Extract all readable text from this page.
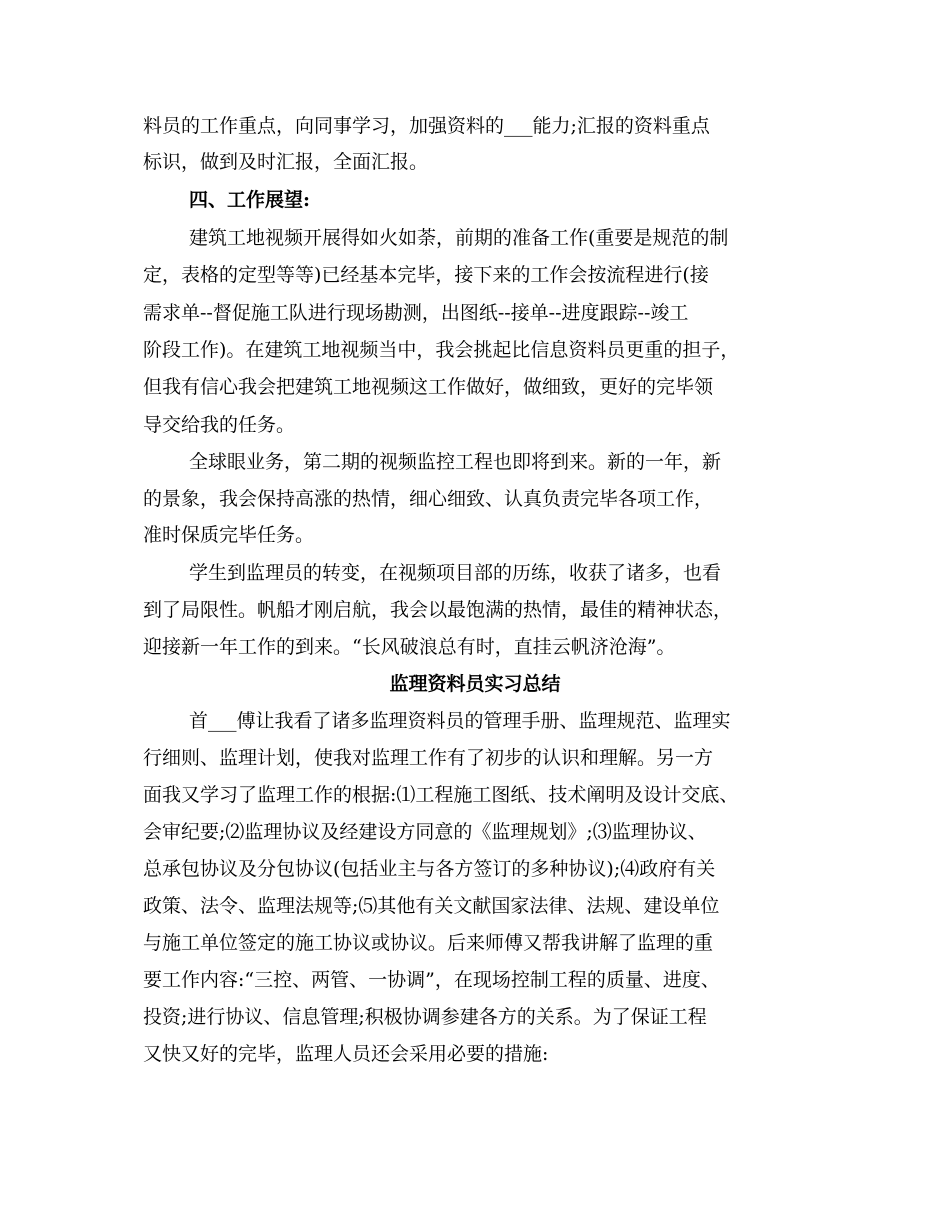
料员的工作重点，向同事学习，加强资料的___能力;汇报的资料重点
标识，做到及时汇报，全面汇报。
四、工作展望:
建筑工地视频开展得如火如荼，前期的准备工作(重要是规范的制
定，表格的定型等等)已经基本完毕，接下来的工作会按流程进行(接
需求单--督促施工队进行现场勘测，出图纸--接单--进度跟踪--竣工
阶段工作)。在建筑工地视频当中，我会挑起比信息资料员更重的担子，
但我有信心我会把建筑工地视频这工作做好，做细致，更好的完毕领
导交给我的任务。
全球眼业务，第二期的视频监控工程也即将到来。新的一年，新
的景象，我会保持高涨的热情，细心细致、认真负责完毕各项工作，
准时保质完毕任务。
学生到监理员的转变，在视频项目部的历练，收获了诸多，也看
到了局限性。帆船才刚启航，我会以最饱满的热情，最佳的精神状态，
迎接新一年工作的到来。“长风破浪总有时，直挂云帆济沧海”。
监理资料员实习总结
首___傅让我看了诸多监理资料员的管理手册、监理规范、监理实
行细则、监理计划，使我对监理工作有了初步的认识和理解。另一方
面我又学习了监理工作的根据:⑴工程施工图纸、技术阐明及设计交底、
会审纪要;⑵监理协议及经建设方同意的《监理规划》;⑶监理协议、
总承包协议及分包协议(包括业主与各方签订的多种协议);⑷政府有关
政策、法令、监理法规等;⑸其他有关文献国家法律、法规、建设单位
与施工单位签定的施工协议或协议。后来师傅又帮我讲解了监理的重
要工作内容:“三控、两管、一协调”，在现场控制工程的质量、进度、
投资;进行协议、信息管理;积极协调参建各方的关系。为了保证工程
又快又好的完毕，监理人员还会采用必要的措施:
